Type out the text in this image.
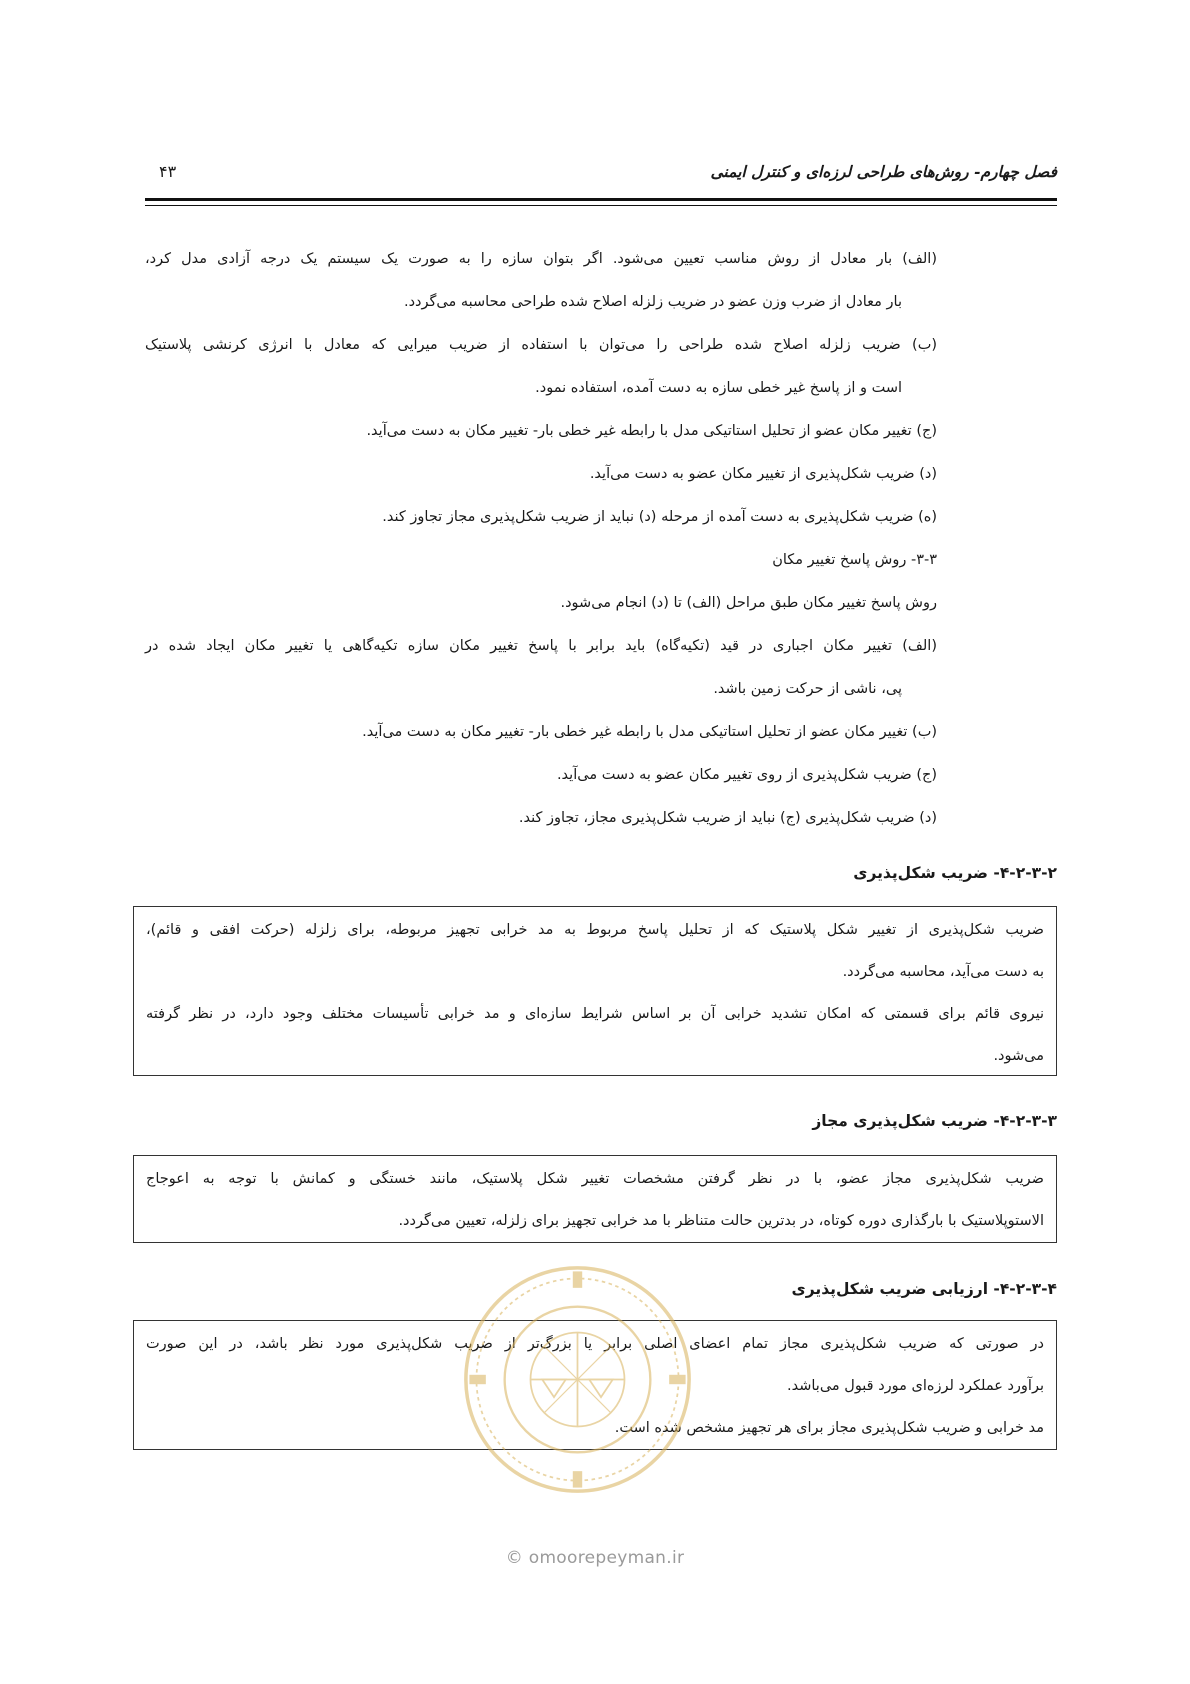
فصل چهارم- روش‌های طراحی لرزه‌ای و کنترل ایمنی
۴۳
(الف) بار معادل از روش مناسب تعیین می‌شود. اگر بتوان سازه را به صورت یک سیستم یک درجه آزادی مدل کرد،
بار معادل از ضرب وزن عضو در ضریب زلزله اصلاح شده طراحی محاسبه می‌گردد.
(ب) ضریب زلزله اصلاح شده طراحی را می‌توان با استفاده از ضریب میرایی که معادل با انرژی کرنشی پلاستیک
است و از پاسخ غیر خطی سازه به دست آمده، استفاده نمود.
(ج) تغییر مکان عضو از تحلیل استاتیکی مدل با رابطه غیر خطی بار- تغییر مکان به دست می‌آید.
(د) ضریب شکل‌پذیری از تغییر مکان عضو به دست می‌آید.
(ه) ضریب شکل‌پذیری به دست آمده از مرحله (د) نباید از ضریب شکل‌پذیری مجاز تجاوز کند.
۳-۳- روش پاسخ تغییر مکان
روش پاسخ تغییر مکان طبق مراحل (الف) تا (د) انجام می‌شود.
(الف) تغییر مکان اجباری در قید (تکیه‌گاه) باید برابر با پاسخ تغییر مکان سازه تکیه‌گاهی یا تغییر مکان ایجاد شده در
پی، ناشی از حرکت زمین باشد.
(ب) تغییر مکان عضو از تحلیل استاتیکی مدل با رابطه غیر خطی بار- تغییر مکان به دست می‌آید.
(ج) ضریب شکل‌پذیری از روی تغییر مکان عضو به دست می‌آید.
(د) ضریب شکل‌پذیری (ج) نباید از ضریب شکل‌پذیری مجاز، تجاوز کند.
۴-۲-۳-۲- ضریب شکل‌پذیری
ضریب شکل‌پذیری از تغییر شکل پلاستیک که از تحلیل پاسخ مربوط به مد خرابی تجهیز مربوطه، برای زلزله (حرکت افقی و قائم)،
به دست می‌آید، محاسبه می‌گردد.
نیروی قائم برای قسمتی که امکان تشدید خرابی آن بر اساس شرایط سازه‌ای و مد خرابی تأسیسات مختلف وجود دارد، در نظر گرفته
می‌شود.
۴-۲-۳-۳- ضریب شکل‌پذیری مجاز
ضریب شکل‌پذیری مجاز عضو، با در نظر گرفتن مشخصات تغییر شکل پلاستیک، مانند خستگی و کمانش با توجه به اعوجاج
الاستوپلاستیک با بارگذاری دوره کوتاه، در بدترین حالت متناظر با مد خرابی تجهیز برای زلزله، تعیین می‌گردد.
۴-۲-۳-۴- ارزیابی ضریب شکل‌پذیری
در صورتی که ضریب شکل‌پذیری مجاز تمام اعضای اصلی برابر یا بزرگ‌تر از ضریب شکل‌پذیری مورد نظر باشد، در این صورت
برآورد عملکرد لرزه‌ای مورد قبول می‌باشد.
مد خرابی و ضریب شکل‌پذیری مجاز برای هر تجهیز مشخص شده است.
© omoorepeyman.ir
